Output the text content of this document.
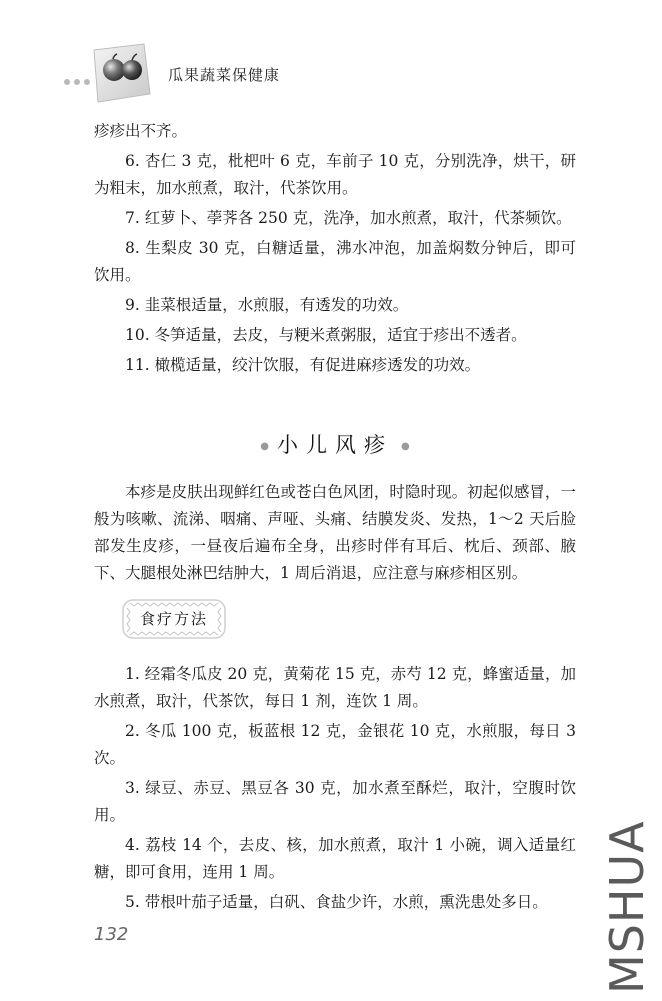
瓜果蔬菜保健康

疹疹出不齐。

6. 杏仁 3 克，枇杷叶 6 克，车前子 10 克，分别洗净，烘干，研为粗末，加水煎煮，取汁，代茶饮用。

7. 红萝卜、荸荠各 250 克，洗净，加水煎煮，取汁，代茶频饮。

8. 生梨皮 30 克，白糖适量，沸水冲泡，加盖焖数分钟后，即可饮用。

9. 韭菜根适量，水煎服，有透发的功效。

10. 冬笋适量，去皮，与粳米煮粥服，适宜于疹出不透者。

11. 橄榄适量，绞汁饮服，有促进麻疹透发的功效。

● 小儿风疹 ●

本疹是皮肤出现鲜红色或苍白色风团，时隐时现。初起似感冒，一般为咳嗽、流涕、咽痛、声哑、头痛、结膜发炎、发热，1～2 天后脸部发生皮疹，一昼夜后遍布全身，出疹时伴有耳后、枕后、颈部、腋下、大腿根处淋巴结肿大，1 周后消退，应注意与麻疹相区别。

食疗方法

1. 经霜冬瓜皮 20 克，黄菊花 15 克，赤芍 12 克，蜂蜜适量，加水煎煮，取汁，代茶饮，每日 1 剂，连饮 1 周。

2. 冬瓜 100 克，板蓝根 12 克，金银花 10 克，水煎服，每日 3 次。

3. 绿豆、赤豆、黑豆各 30 克，加水煮至酥烂，取汁，空腹时饮用。

4. 荔枝 14 个，去皮、核，加水煎煮，取汁 1 小碗，调入适量红糖，即可食用，连用 1 周。

5. 带根叶茄子适量，白矾、食盐少许，水煎，熏洗患处多日。

132	MSHUA
